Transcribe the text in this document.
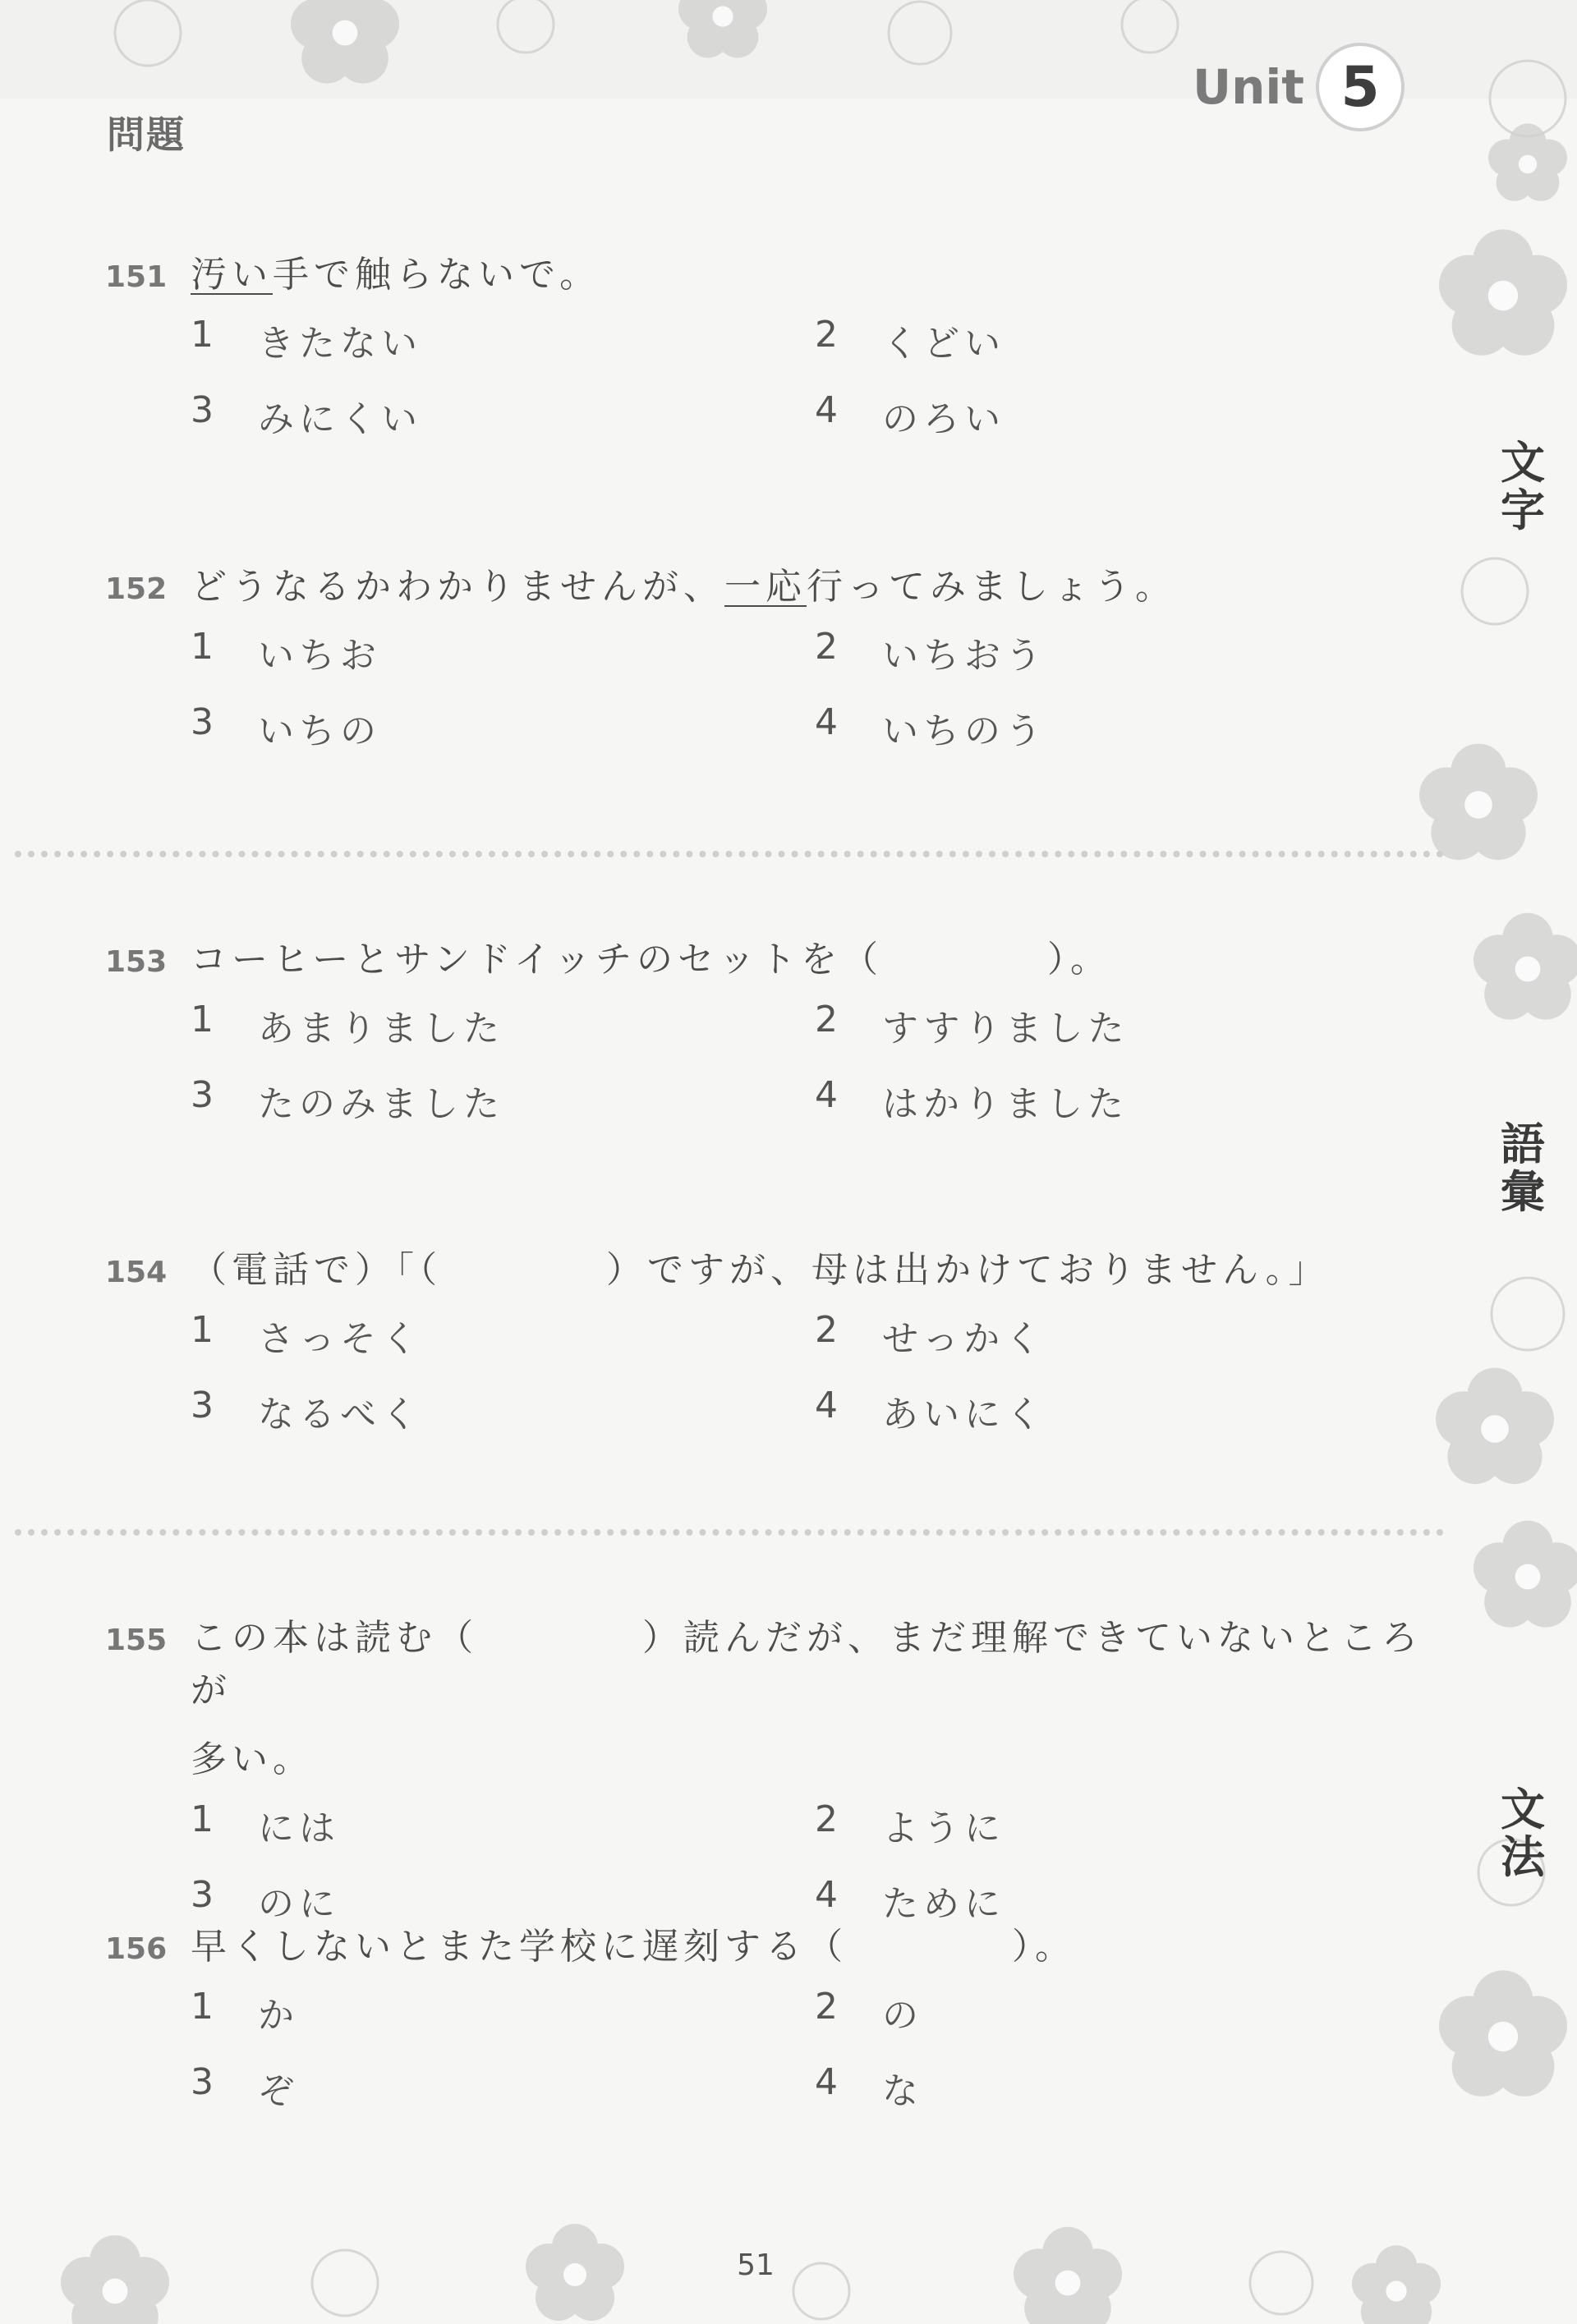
問題
Unit 5
文字
語彙
文法
151 汚い手で触らないで。
1	きたない	2	くどい
3	みにくい	4	のろい
152 どうなるかわかりませんが、一応行ってみましょう。
1	いちお	2	いちおう
3	いちの	4	いちのう
153 コーヒーとサンドイッチのセットを（　　　　）。
1	あまりました	2	すすりました
3	たのみました	4	はかりました
154 （電話で）「（　　　　）ですが、母は出かけておりません。」
1	さっそく	2	せっかく
3	なるべく	4	あいにく
155 この本は読む（　　　　）読んだが、まだ理解できていないところが
多い。
1	には	2	ように
3	のに	4	ために
156 早くしないとまた学校に遅刻する（　　　　）。
1	か	2	の
3	ぞ	4	な
51
